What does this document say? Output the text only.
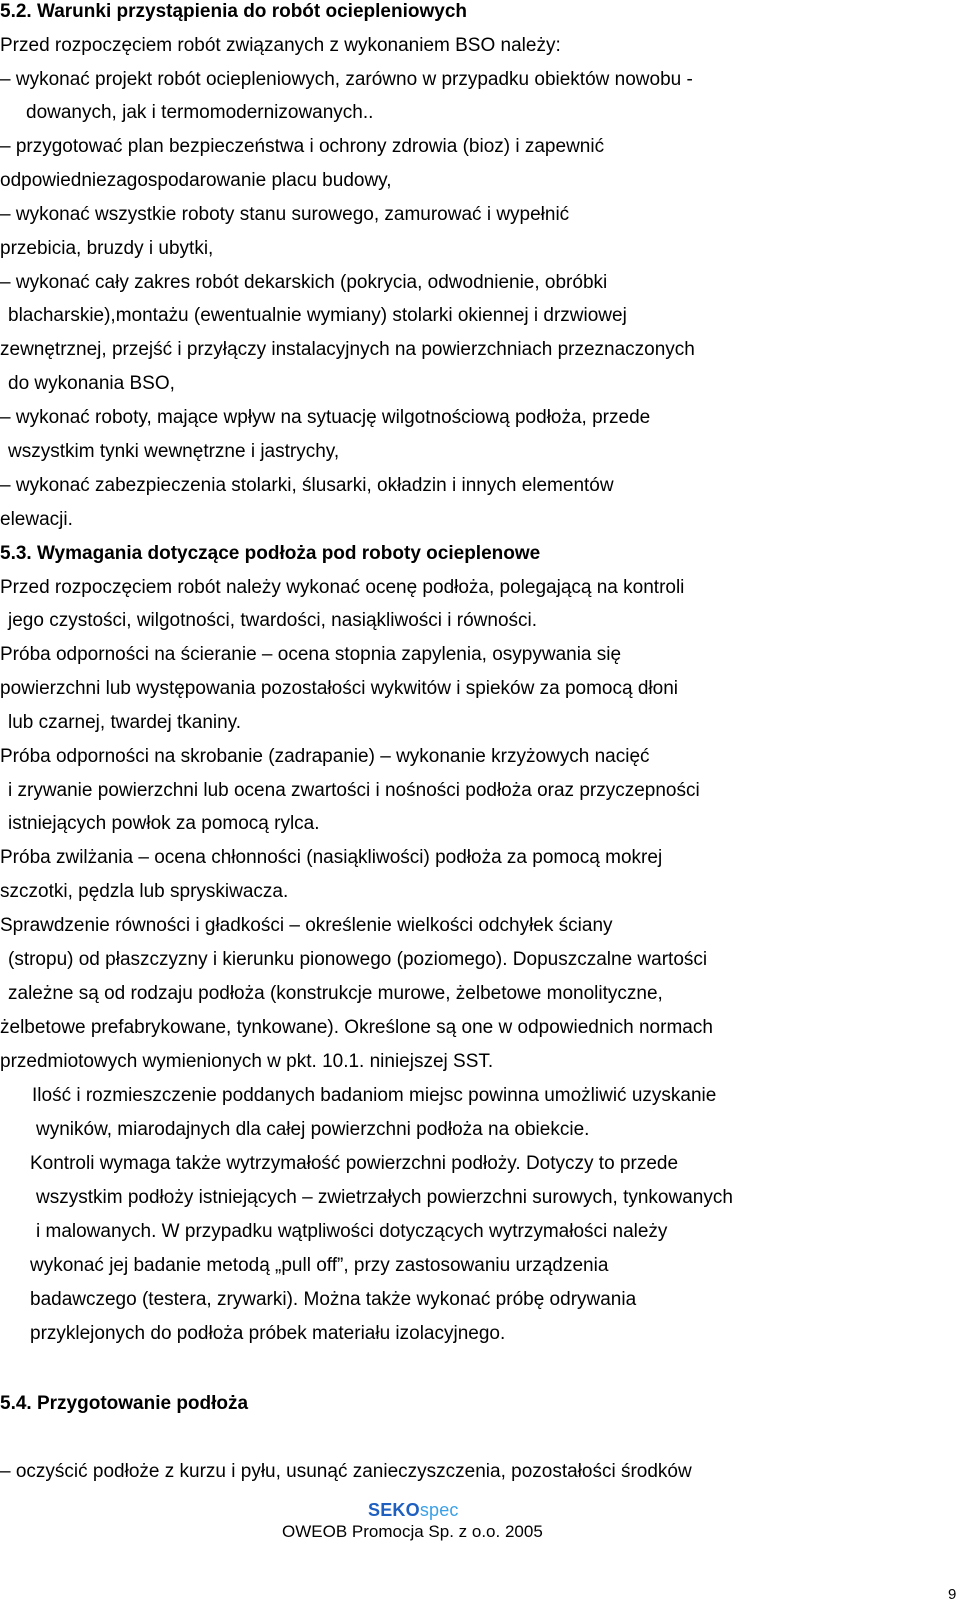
5.2. Warunki przystąpienia do robót ociepleniowych
Przed rozpoczęciem robót związanych z wykonaniem BSO należy:
– wykonać projekt robót ociepleniowych, zarówno w przypadku obiektów nowobu -
dowanych, jak i termomodernizowanych..
– przygotować plan bezpieczeństwa i ochrony zdrowia (bioz) i zapewnić
odpowiedniezagospodarowanie placu budowy,
– wykonać wszystkie roboty stanu surowego, zamurować i wypełnić
przebicia, bruzdy i ubytki,
– wykonać cały zakres robót dekarskich (pokrycia, odwodnienie, obróbki
blacharskie),montażu (ewentualnie wymiany) stolarki okiennej i drzwiowej
zewnętrznej, przejść i przyłączy instalacyjnych na powierzchniach przeznaczonych
do wykonania BSO,
– wykonać roboty, mające wpływ na sytuację wilgotnościową podłoża, przede
wszystkim tynki wewnętrzne i jastrychy,
– wykonać zabezpieczenia stolarki, ślusarki, okładzin i innych elementów
elewacji.
5.3. Wymagania dotyczące podłoża pod roboty ocieplenowe
Przed rozpoczęciem robót należy wykonać ocenę podłoża, polegającą na kontroli
jego czystości, wilgotności, twardości, nasiąkliwości i równości.
Próba odporności na ścieranie – ocena stopnia zapylenia, osypywania się
powierzchni lub występowania pozostałości wykwitów i spieków za pomocą dłoni
lub czarnej, twardej tkaniny.
Próba odporności na skrobanie (zadrapanie) – wykonanie krzyżowych nacięć
i zrywanie powierzchni lub ocena zwartości i nośności podłoża oraz przyczepności
istniejących powłok za pomocą rylca.
Próba zwilżania – ocena chłonności (nasiąkliwości) podłoża za pomocą mokrej
szczotki, pędzla lub spryskiwacza.
Sprawdzenie równości i gładkości – określenie wielkości odchyłek ściany
(stropu) od płaszczyzny i kierunku pionowego (poziomego). Dopuszczalne wartości
zależne są od rodzaju podłoża (konstrukcje murowe, żelbetowe monolityczne,
żelbetowe prefabrykowane, tynkowane). Określone są one w odpowiednich normach
przedmiotowych wymienionych w pkt. 10.1. niniejszej SST.
Ilość i rozmieszczenie poddanych badaniom miejsc powinna umożliwić uzyskanie
wyników, miarodajnych dla całej powierzchni podłoża na obiekcie.
Kontroli wymaga także wytrzymałość powierzchni podłoży. Dotyczy to przede
wszystkim podłoży istniejących – zwietrzałych powierzchni surowych, tynkowanych
i malowanych. W przypadku wątpliwości dotyczących wytrzymałości należy
wykonać jej badanie metodą „pull off”, przy zastosowaniu urządzenia
badawczego (testera, zrywarki). Można także wykonać próbę odrywania
przyklejonych do podłoża próbek materiału izolacyjnego.
5.4. Przygotowanie podłoża
– oczyścić podłoże z kurzu i pyłu, usunąć zanieczyszczenia, pozostałości środków
SEKOspec
OWEOB Promocja Sp. z o.o. 2005
9
